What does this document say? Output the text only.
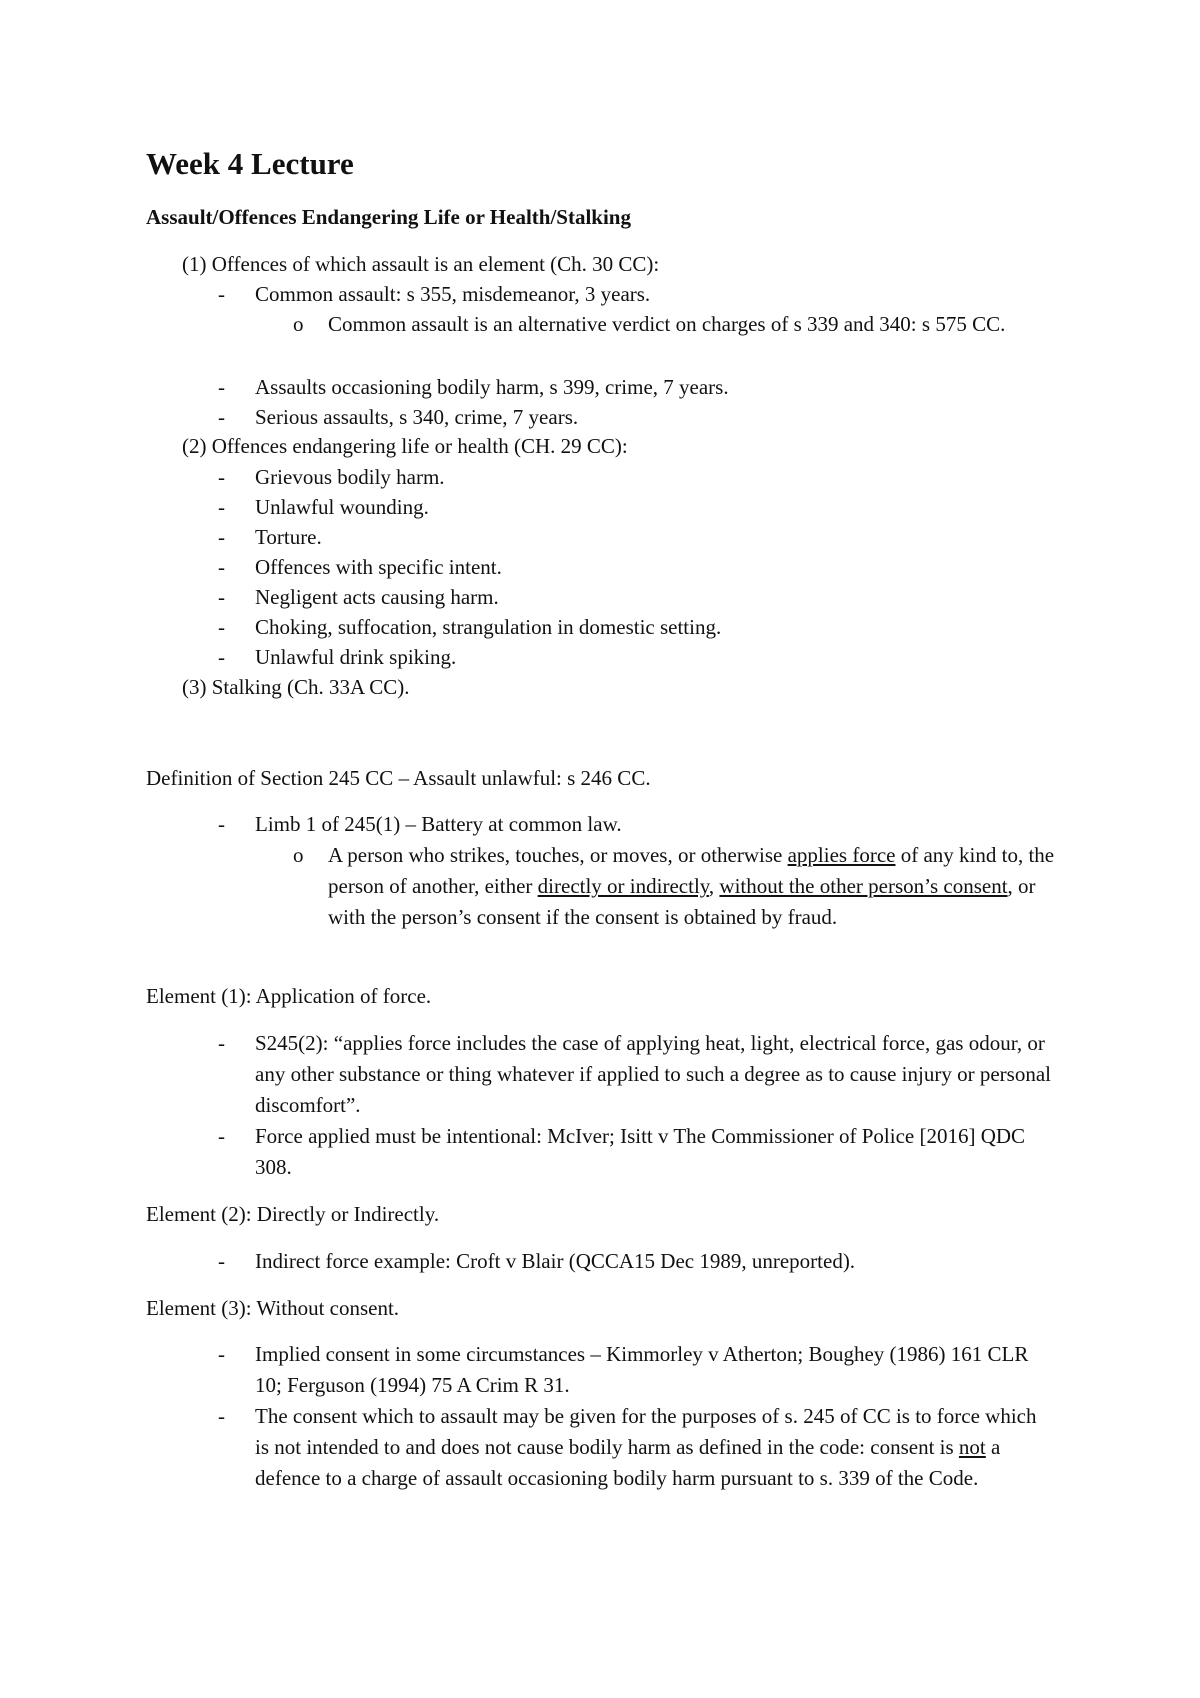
Week 4 Lecture
Assault/Offences Endangering Life or Health/Stalking
(1) Offences of which assault is an element (Ch. 30 CC):
- Common assault: s 355, misdemeanor, 3 years.
o Common assault is an alternative verdict on charges of s 339 and 340: s 575 CC.
- Assaults occasioning bodily harm, s 399, crime, 7 years.
- Serious assaults, s 340, crime, 7 years.
(2) Offences endangering life or health (CH. 29 CC):
- Grievous bodily harm.
- Unlawful wounding.
- Torture.
- Offences with specific intent.
- Negligent acts causing harm.
- Choking, suffocation, strangulation in domestic setting.
- Unlawful drink spiking.
(3) Stalking (Ch. 33A CC).
Definition of Section 245 CC – Assault unlawful: s 246 CC.
- Limb 1 of 245(1) – Battery at common law.
o A person who strikes, touches, or moves, or otherwise applies force of any kind to, the person of another, either directly or indirectly, without the other person’s consent, or with the person’s consent if the consent is obtained by fraud.
Element (1): Application of force.
- S245(2): “applies force includes the case of applying heat, light, electrical force, gas odour, or any other substance or thing whatever if applied to such a degree as to cause injury or personal discomfort”.
- Force applied must be intentional: McIver; Isitt v The Commissioner of Police [2016] QDC 308.
Element (2): Directly or Indirectly.
- Indirect force example: Croft v Blair (QCCA15 Dec 1989, unreported).
Element (3): Without consent.
- Implied consent in some circumstances – Kimmorley v Atherton; Boughey (1986) 161 CLR 10; Ferguson (1994) 75 A Crim R 31.
- The consent which to assault may be given for the purposes of s. 245 of CC is to force which is not intended to and does not cause bodily harm as defined in the code: consent is not a defence to a charge of assault occasioning bodily harm pursuant to s. 339 of the Code.
